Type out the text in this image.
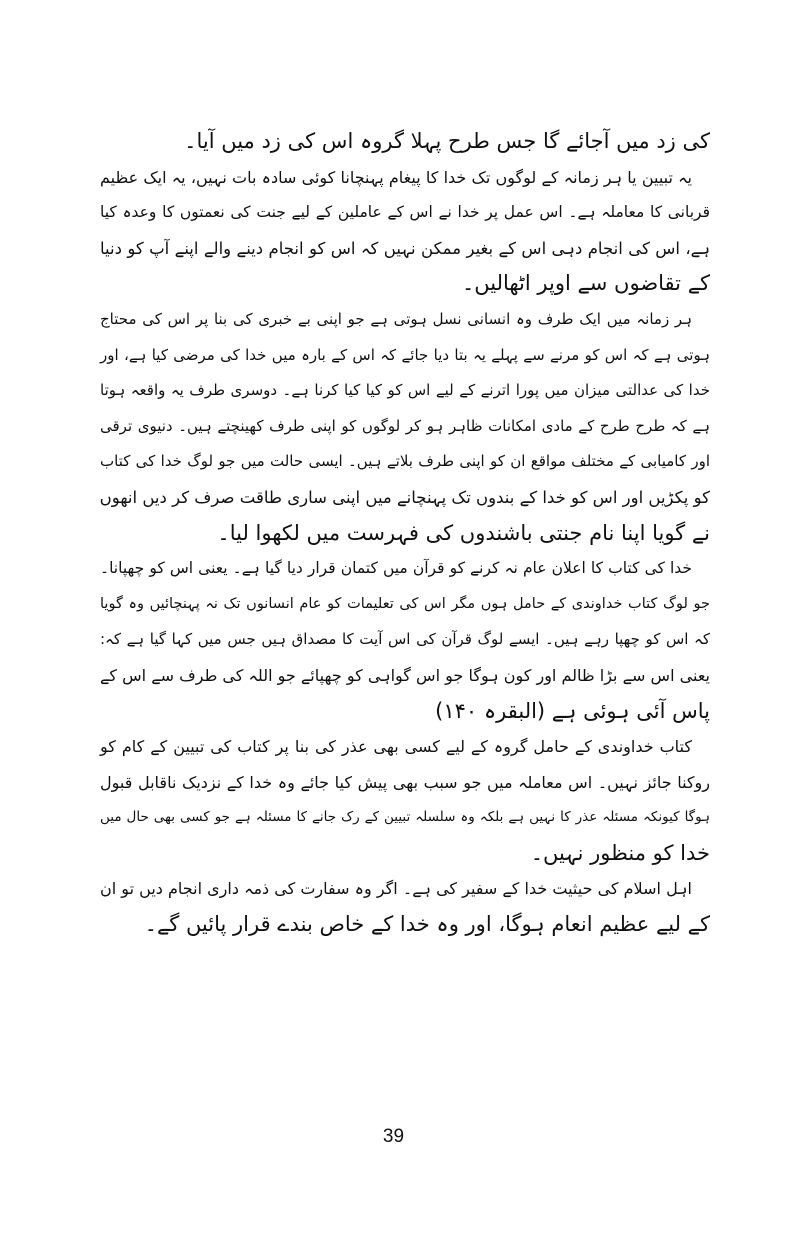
کی زد میں آجائے گا جس طرح پہلا گروہ اس کی زد میں آیا۔
یہ تبیین یا ہر زمانہ کے لوگوں تک خدا کا پیغام پہنچانا کوئی سادہ بات نہیں، یہ ایک عظیم
قربانی کا معاملہ ہے۔ اس عمل پر خدا نے اس کے عاملین کے لیے جنت کی نعمتوں کا وعدہ کیا
ہے، اس کی انجام دہی اس کے بغیر ممکن نہیں کہ اس کو انجام دینے والے اپنے آپ کو دنیا
کے تقاضوں سے اوپر اٹھالیں۔
ہر زمانہ میں ایک طرف وہ انسانی نسل ہوتی ہے جو اپنی بے خبری کی بنا پر اس کی محتاج
ہوتی ہے کہ اس کو مرنے سے پہلے یہ بتا دیا جائے کہ اس کے بارہ میں خدا کی مرضی کیا ہے، اور
خدا کی عدالتی میزان میں پورا اترنے کے لیے اس کو کیا کیا کرنا ہے۔ دوسری طرف یہ واقعہ ہوتا
ہے کہ طرح طرح کے مادی امکانات ظاہر ہو کر لوگوں کو اپنی طرف کھینچتے ہیں۔ دنیوی ترقی
اور کامیابی کے مختلف مواقع ان کو اپنی طرف بلاتے ہیں۔ ایسی حالت میں جو لوگ خدا کی کتاب
کو پکڑیں اور اس کو خدا کے بندوں تک پہنچانے میں اپنی ساری طاقت صرف کر دیں انھوں
نے گویا اپنا نام جنتی باشندوں کی فہرست میں لکھوا لیا۔
خدا کی کتاب کا اعلان عام نہ کرنے کو قرآن میں کتمان قرار دیا گیا ہے۔ یعنی اس کو چھپانا۔
جو لوگ کتاب خداوندی کے حامل ہوں مگر اس کی تعلیمات کو عام انسانوں تک نہ پہنچائیں وہ گویا
کہ اس کو چھپا رہے ہیں۔ ایسے لوگ قرآن کی اس آیت کا مصداق ہیں جس میں کہا گیا ہے کہ:
یعنی اس سے بڑا ظالم اور کون ہوگا جو اس گواہی کو چھپائے جو اللہ کی طرف سے اس کے
پاس آئی ہوئی ہے (البقرہ ۱۴۰)
کتاب خداوندی کے حامل گروہ کے لیے کسی بھی عذر کی بنا پر کتاب کی تبیین کے کام کو
روکنا جائز نہیں۔ اس معاملہ میں جو سبب بھی پیش کیا جائے وہ خدا کے نزدیک ناقابل قبول
ہوگا کیونکہ مسئلہ عذر کا نہیں ہے بلکہ وہ سلسلہ تبیین کے رک جانے کا مسئلہ ہے جو کسی بھی حال میں
خدا کو منظور نہیں۔
اہل اسلام کی حیثیت خدا کے سفیر کی ہے۔ اگر وہ سفارت کی ذمہ داری انجام دیں تو ان
کے لیے عظیم انعام ہوگا، اور وہ خدا کے خاص بندے قرار پائیں گے۔
39
